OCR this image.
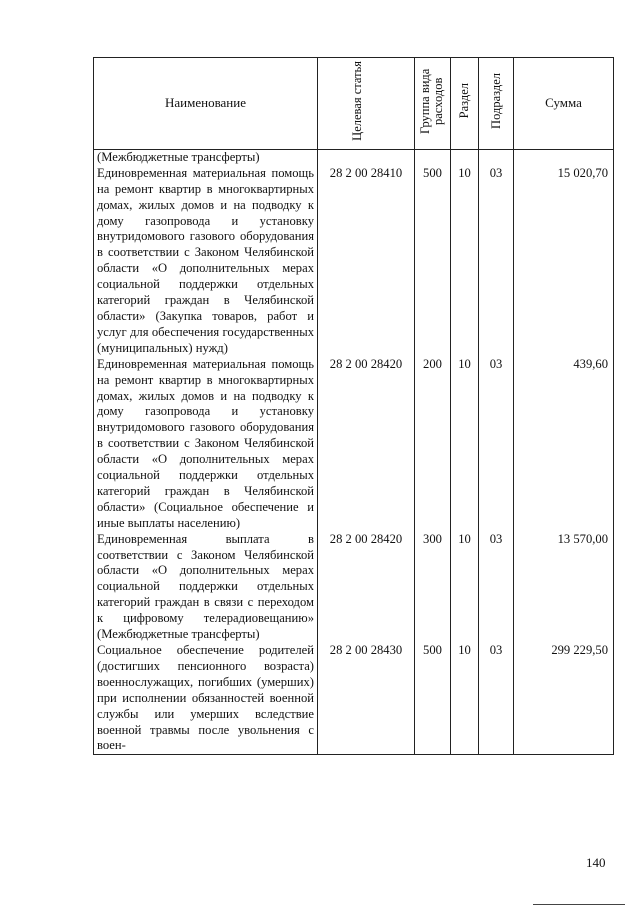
Наименование	Целевая статья	Группа вида расходов	Раздел	Подраздел	Сумма

(Межбюджетные трансферты)					

Единовременная материальная помощь на ремонт квартир в многоквартирных домах, жилых домов и на подводку к дому газопровода и установку внутридомового газового оборудования в соответствии с Законом Челябинской области «О дополнительных мерах социальной поддержки отдельных категорий граждан в Челябинской области» (Закупка товаров, работ и услуг для обеспечения государственных (муниципальных) нужд)	28 2 00 28410	500	10	03	15 020,70

Единовременная материальная помощь на ремонт квартир в многоквартирных домах, жилых домов и на подводку к дому газопровода и установку внутридомового газового оборудования в соответствии с Законом Челябинской области «О дополнительных мерах социальной поддержки отдельных категорий граждан в Челябинской области» (Социальное обеспечение и иные выплаты населению)	28 2 00 28420	200	10	03	439,60

Единовременная выплата в соответствии с Законом Челябинской области «О дополнительных мерах социальной поддержки отдельных категорий граждан в связи с переходом к цифровому телерадиовещанию» (Межбюджетные трансферты)	28 2 00 28420	300	10	03	13 570,00

Социальное обеспечение родителей (достигших пенсионного возраста) военнослужащих, погибших (умерших) при исполнении обязанностей военной службы или умерших вследствие военной травмы после увольнения с воен-	28 2 00 28430	500	10	03	299 229,50
140
